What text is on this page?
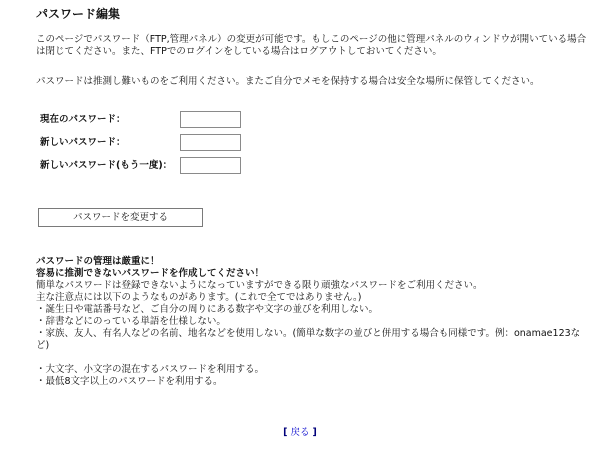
パスワード編集
このページでパスワード（FTP,管理パネル）の変更が可能です。もしこのページの他に管理パネルのウィンドウが開いている場合は閉じてください。また、FTPでのログインをしている場合はログアウトしておいてください。
パスワードは推測し難いものをご利用ください。またご自分でメモを保持する場合は安全な場所に保管してください。
現在のパスワード：
新しいパスワード：
新しいパスワード(もう一度)：
パスワードを変更する

パスワードの管理は厳重に！

容易に推測できないパスワードを作成してください！

簡単なパスワードは登録できないようになっていますができる限り頑強なパスワードをご利用ください。

主な注意点には以下のようなものがあります。(これで全てではありません。)

・誕生日や電話番号など、ご自分の周りにある数字や文字の並びを利用しない。

・辞書などにのっている単語を仕様しない。

・家族、友人、有名人などの名前、地名などを使用しない。(簡単な数字の並びと併用する場合も同様です。例：onamae123など)

・大文字、小文字の混在するパスワードを利用する。

・最低8文字以上のパスワードを利用する。

[ 戻る ]
